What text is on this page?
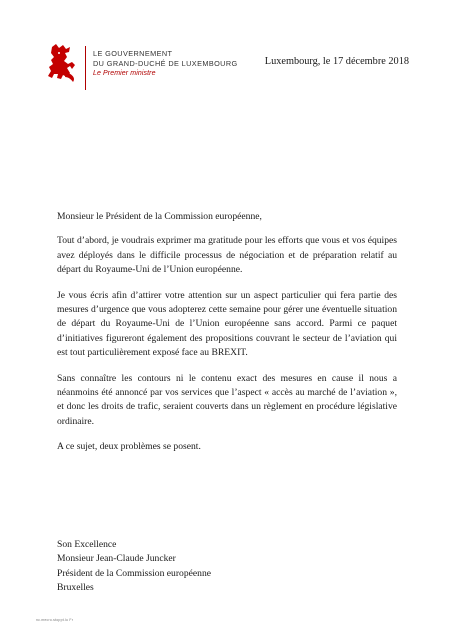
LE GOUVERNEMENT
DU GRAND-DUCHÉ DE LUXEMBOURG
Le Premier ministre
Luxembourg, le 17 décembre 2018

Monsieur le Président de la Commission européenne,

Tout d’abord, je voudrais exprimer ma gratitude pour les efforts que vous et vos équipes avez déployés dans le difficile processus de négociation et de préparation relatif au départ du Royaume-Uni de l’Union européenne.

Je vous écris afin d’attirer votre attention sur un aspect particulier qui fera partie des mesures d’urgence que vous adopterez cette semaine pour gérer une éventuelle situation de départ du Royaume-Uni de l’Union européenne sans accord. Parmi ce paquet d’initiatives figureront également des propositions couvrant le secteur de l’aviation qui est tout particulièrement exposé face au BREXIT.

Sans connaître les contours ni le contenu exact des mesures en cause il nous a néanmoins été annoncé par vos services que l’aspect « accès au marché de l’aviation », et donc les droits de trafic, seraient couverts dans un règlement en procédure législative ordinaire.

A ce sujet, deux problèmes se posent.

Son Excellence
Monsieur Jean-Claude Juncker
Président de la Commission européenne
Bruxelles
nc.mecro.stoppt.lu Fr
